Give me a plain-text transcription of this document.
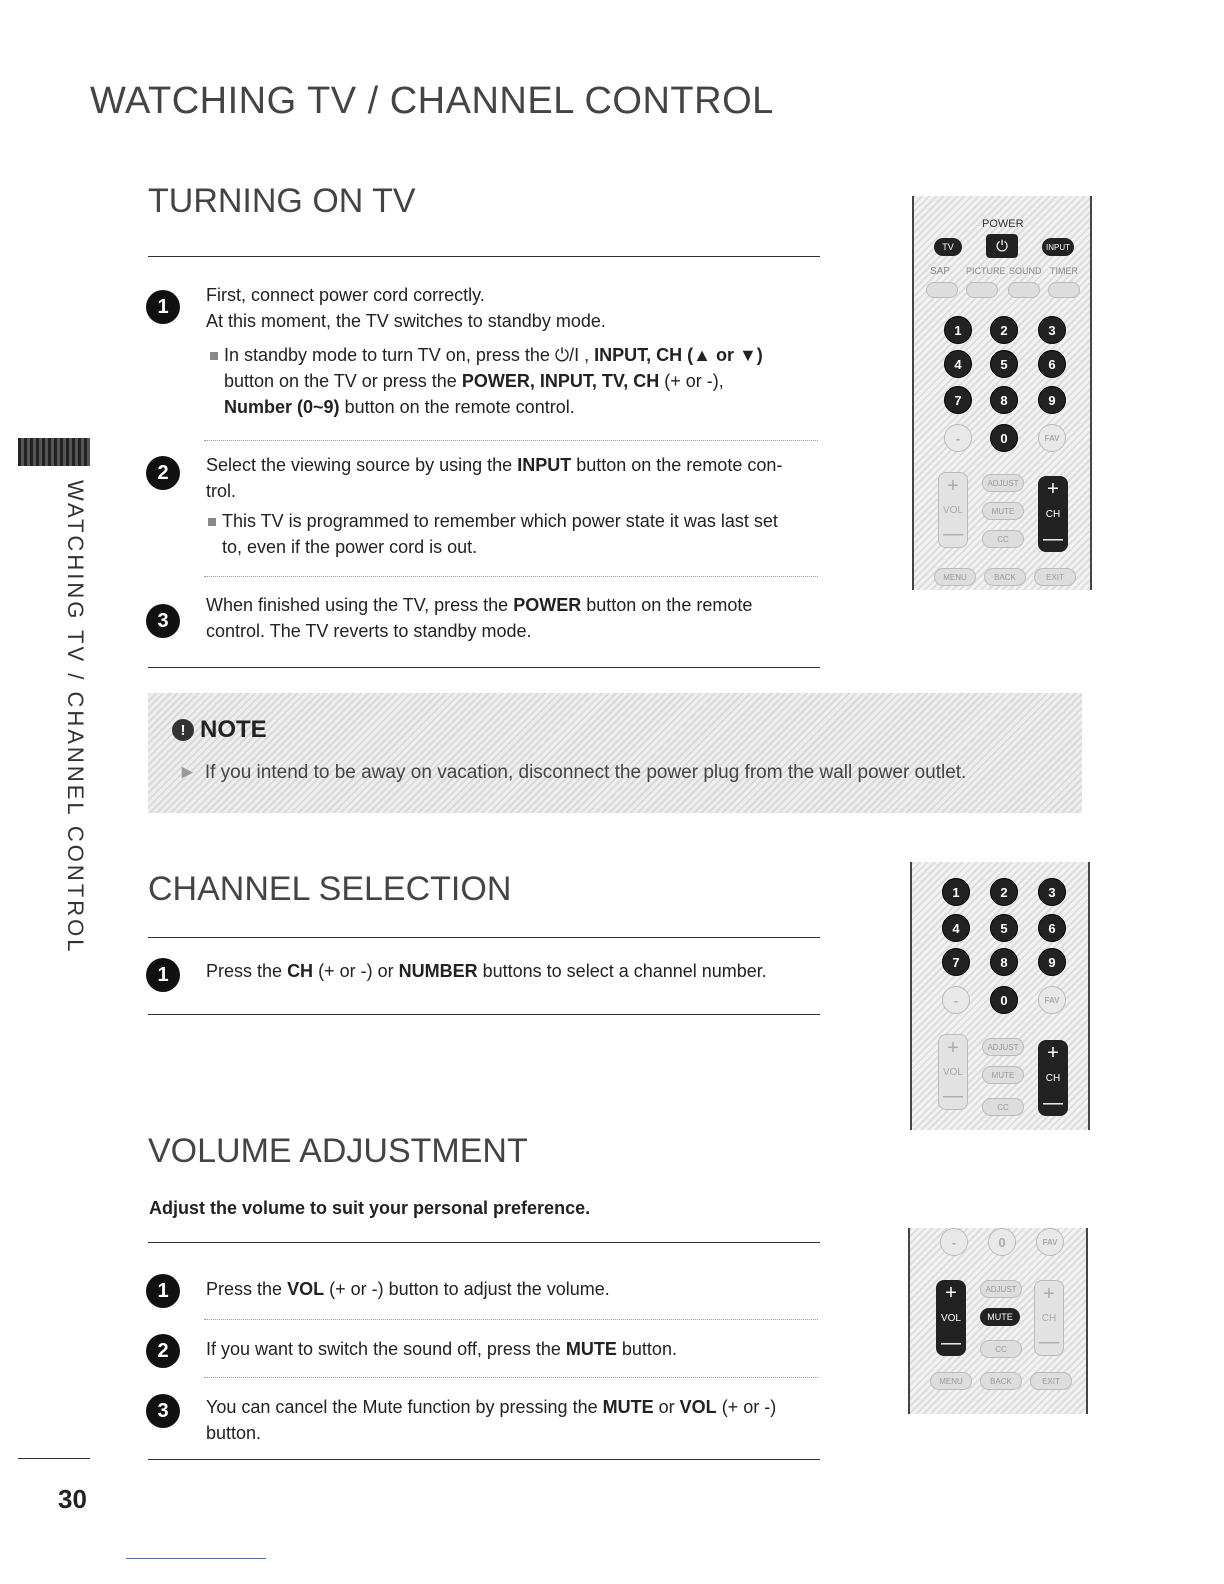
WATCHING TV / CHANNEL CONTROL
WATCHING TV / CHANNEL CONTROL
TURNING ON TV
1
First, connect power cord correctly.
At this moment, the TV switches to standby mode.
In standby mode to turn TV on, press the ⏻/I , INPUT, CH (▲ or ▼)
button on the TV or press the POWER, INPUT, TV, CH (+ or -),
Number (0~9) button on the remote control.
2	Select the viewing source by using the INPUT button on the remote con-
trol.
This TV is programmed to remember which power state it was last set
to, even if the power cord is out.
3
When finished using the TV, press the POWER button on the remote
control. The TV reverts to standby mode.
POWER
TV	⏻	INPUT
SAP PICTURE SOUND TIMER
1	2	3
4	5	6
7	8	9
-	0	FAV
+
VOL
—
ADJUST
MUTE
CC
+
CH
—
MENU	BACK	EXIT
! NOTE
► If you intend to be away on vacation, disconnect the power plug from the wall power outlet.
CHANNEL SELECTION
1	Press the CH (+ or -) or NUMBER buttons to select a channel number.
1	2	3
4	5	6
7	8	9
-	0	FAV
+
VOL
—
ADJUST
MUTE
CC
+
CH
—
VOLUME ADJUSTMENT
Adjust the volume to suit your personal preference.
1	Press the VOL (+ or -) button to adjust the volume.
2	If you want to switch the sound off, press the MUTE button.
3	You can cancel the Mute function by pressing the MUTE or VOL (+ or -)
button.
-	0	FAV
+
VOL
—
ADJUST
MUTE
CC
+
CH
—
MENU	BACK	EXIT
30
